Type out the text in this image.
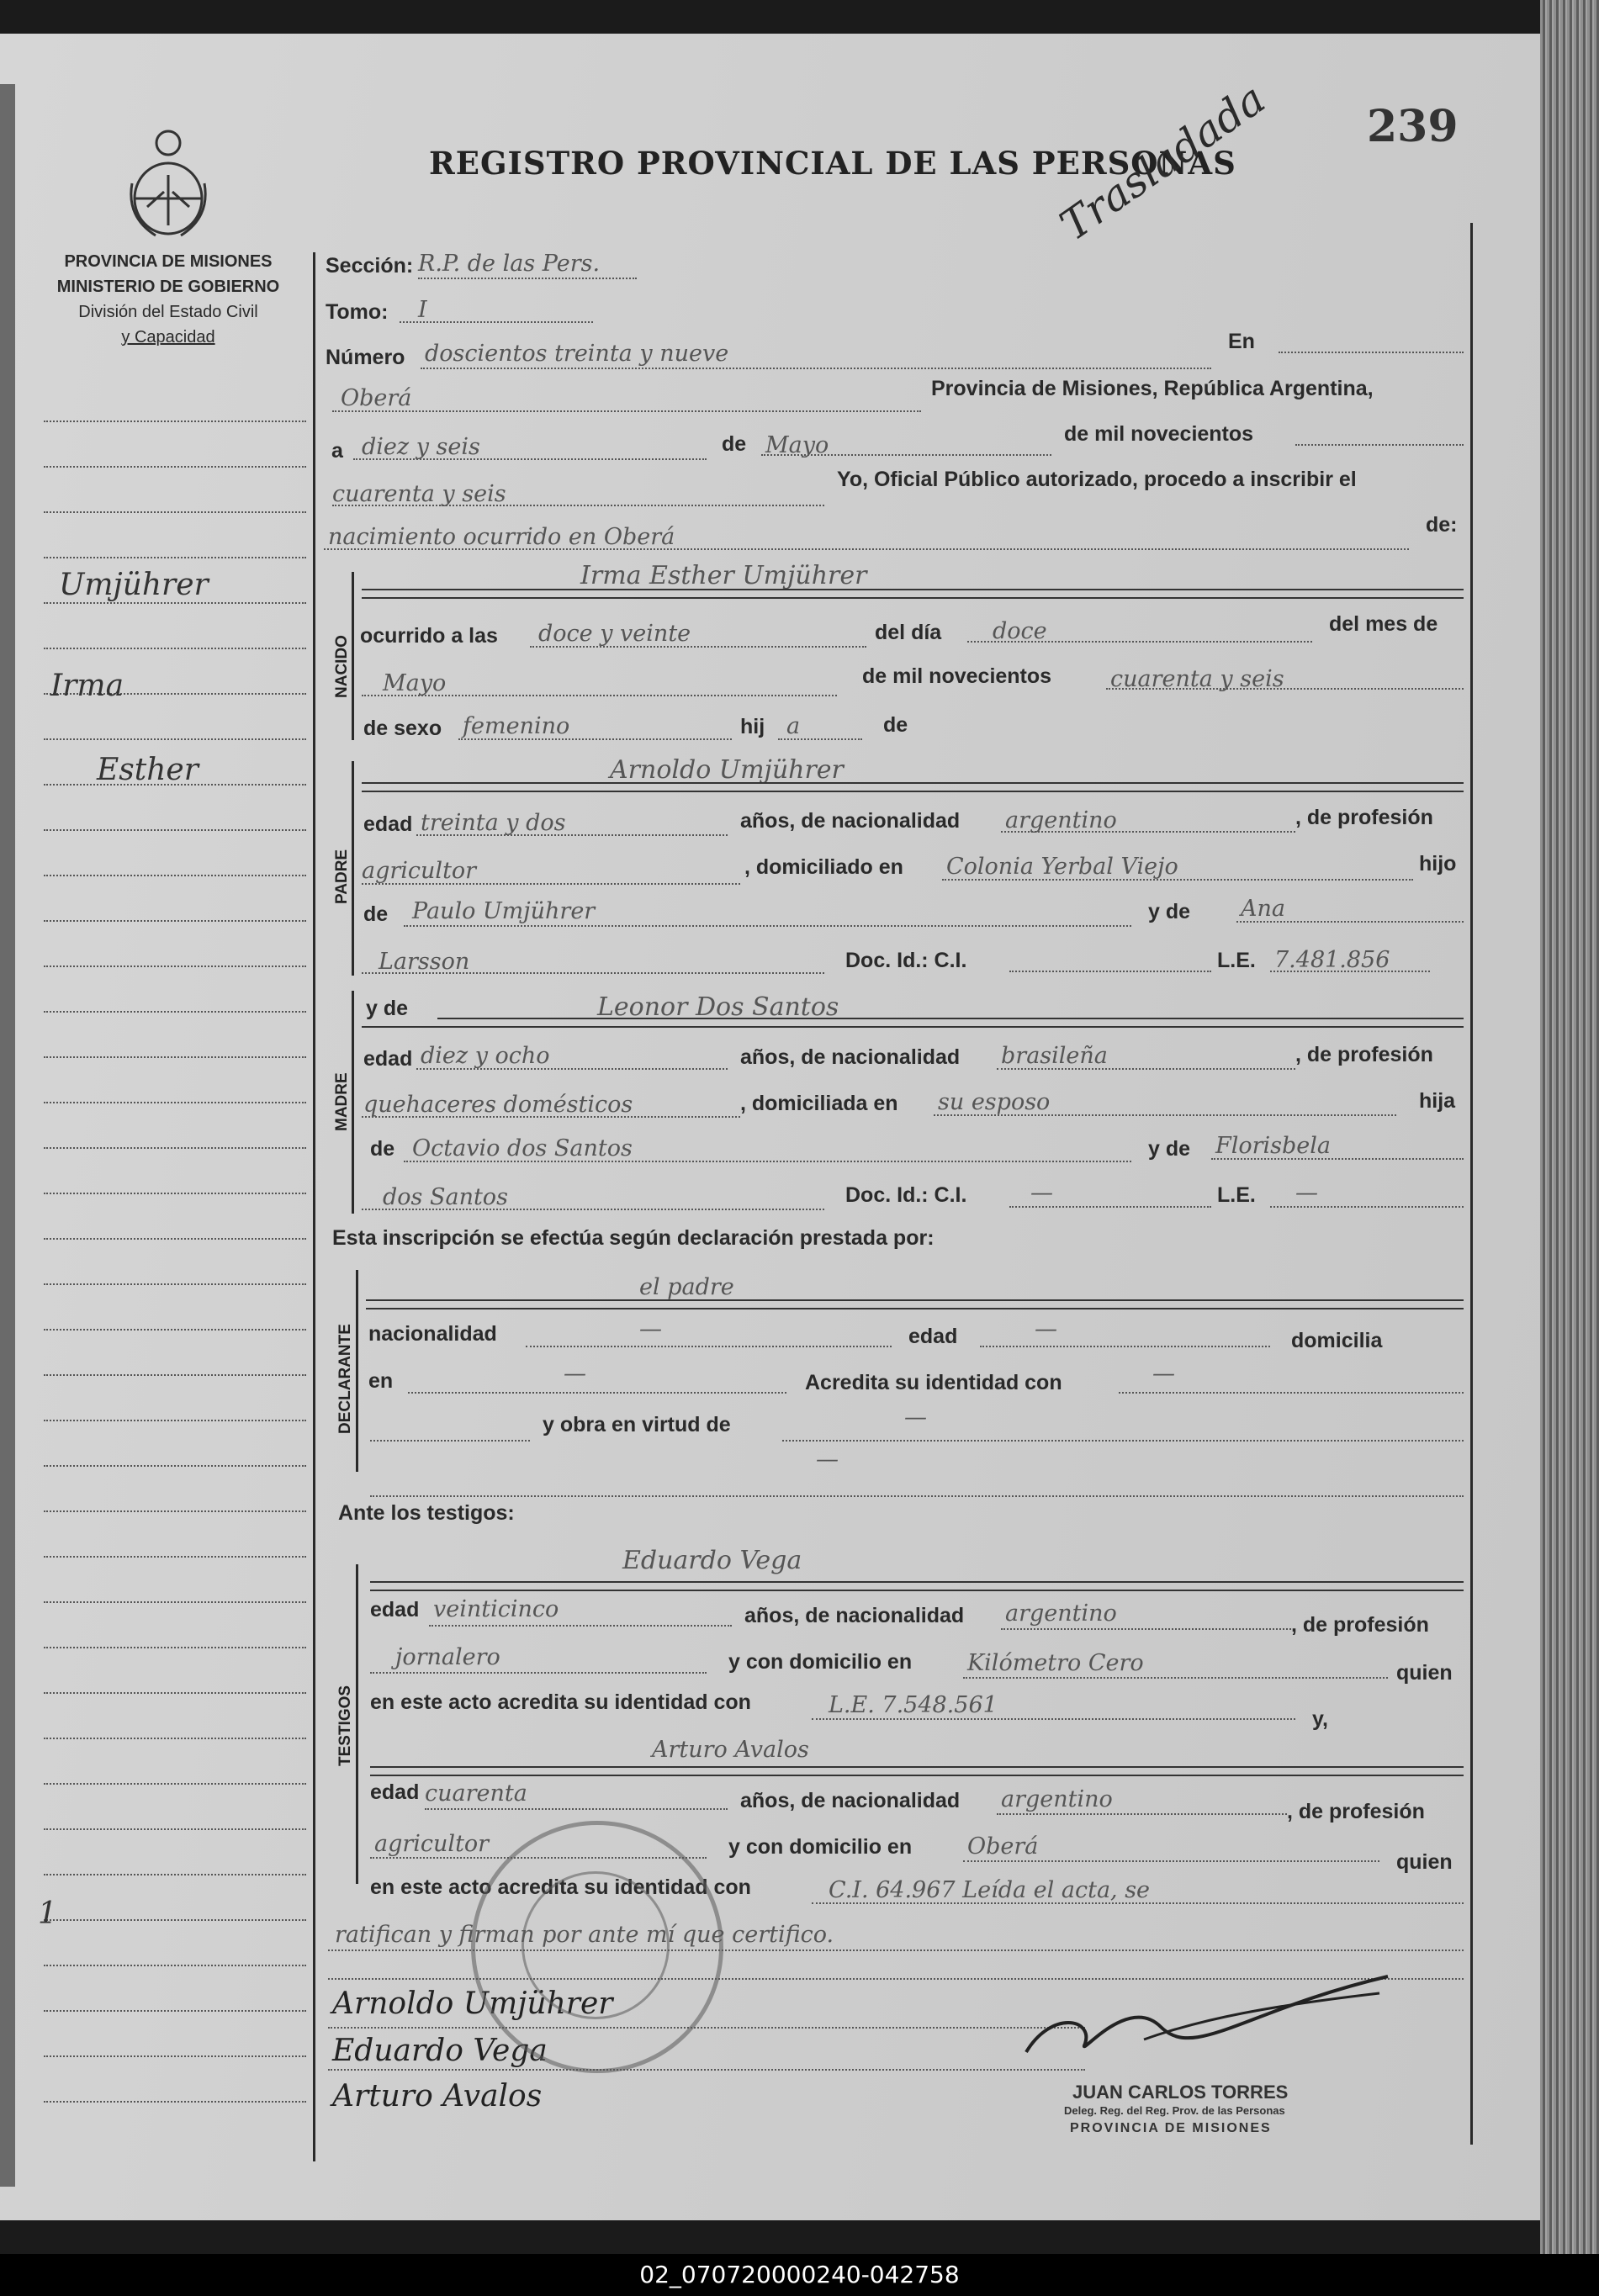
PROVINCIA DE MISIONES
MINISTERIO DE GOBIERNO
División del Estado Civil
y Capacidad
Umjührer
Irma
Esther
1
REGISTRO PROVINCIAL DE LAS PERSONAS
239
Trasladada
Sección: R.P. de las Pers.
Tomo: I
Número doscientos treinta y nueve	En
Oberá	Provincia de Misiones, República Argentina,
a diez y seis	de Mayo	de mil novecientos
cuarenta y seis
Yo, Oficial Público autorizado, procedo a inscribir el
nacimiento ocurrido en Oberá	de:
NACIDO
Irma Esther Umjührer
ocurrido a las doce y veinte	del día doce	del mes de
Mayo	de mil novecientos	cuarenta y seis
de sexo femenino	hij a	de
PADRE
Arnoldo Umjührer
edad treinta y dos	años, de nacionalidad argentino	, de profesión
agricultor	, domiciliado en Colonia Yerbal Viejo	hijo
de Paulo Umjührer	y de Ana
Larsson	Doc. Id.: C.I.	L.E. 7.481.856
MADRE
y de	Leonor Dos Santos
edad diez y ocho	años, de nacionalidad brasileña	, de profesión
quehaceres domésticos	, domiciliada en su esposo	hija
de Octavio dos Santos	y de Florisbela
dos Santos	Doc. Id.: C.I.	—	L.E. —
Esta inscripción se efectúa según declaración prestada por:
DECLARANTE
el padre
nacionalidad	—	edad	—	domicilia
en	—	Acredita su identidad con	—
y obra en virtud de	—
—
Ante los testigos:
TESTIGOS
Eduardo Vega
edad veinticinco	años, de nacionalidad argentino	, de profesión
jornalero	y con domicilio en Kilómetro Cero	quien
en este acto acredita su identidad con	L.E. 7.548.561
y,
Arturo Avalos
edad cuarenta	años, de nacionalidad argentino	, de profesión
agricultor	y con domicilio en Oberá
quien
en este acto acredita su identidad con	C.I. 64.967 Leída el acta, se
ratifican y firman por ante mí que certifico.
Arnoldo Umjührer
Eduardo Vega
Arturo Avalos	JUAN CARLOS TORRES
Deleg. Reg. del Reg. Prov. de las Personas
PROVINCIA DE MISIONES
02_070720000240-042758
